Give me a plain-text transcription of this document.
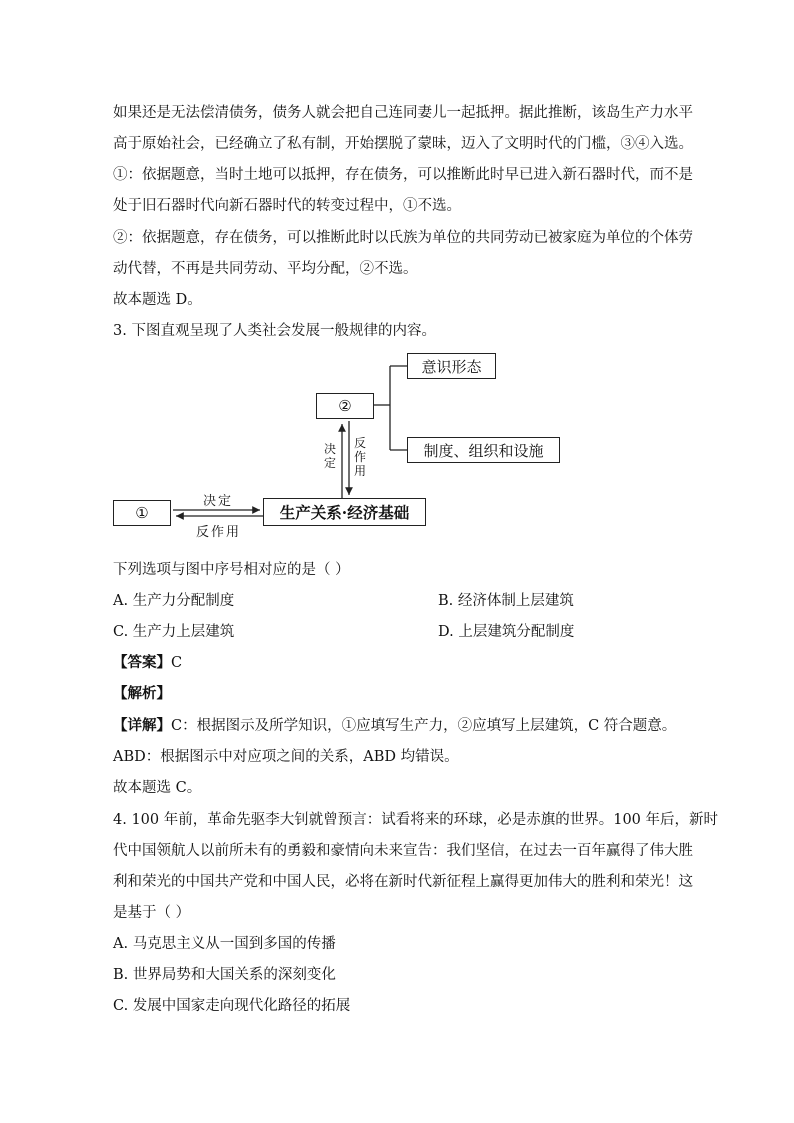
如果还是无法偿清债务，债务人就会把自己连同妻儿一起抵押。据此推断，该岛生产力水平
高于原始社会，已经确立了私有制，开始摆脱了蒙昧，迈入了文明时代的门槛，③④入选。
①：依据题意，当时土地可以抵押，存在债务，可以推断此时早已进入新石器时代，而不是
处于旧石器时代向新石器时代的转变过程中，①不选。
②：依据题意，存在债务，可以推断此时以氏族为单位的共同劳动已被家庭为单位的个体劳
动代替，不再是共同劳动、平均分配，②不选。
故本题选 D。
3. 下图直观呈现了人类社会发展一般规律的内容。
①	生产关系·经济基础
②
意识形态
制度、组织和设施
决定
反作用
决定
反作用
下列选项与图中序号相对应的是（ ）
A. 生产力分配制度	B. 经济体制上层建筑
C. 生产力上层建筑	D. 上层建筑分配制度
【答案】C
【解析】
【详解】C：根据图示及所学知识，①应填写生产力，②应填写上层建筑，C 符合题意。
ABD：根据图示中对应项之间的关系，ABD 均错误。
故本题选 C。
4. 100 年前，革命先驱李大钊就曾预言：试看将来的环球，必是赤旗的世界。100 年后，新时
代中国领航人以前所未有的勇毅和豪情向未来宣告：我们坚信，在过去一百年赢得了伟大胜
利和荣光的中国共产党和中国人民，必将在新时代新征程上赢得更加伟大的胜利和荣光！这
是基于（ ）
A. 马克思主义从一国到多国的传播
B. 世界局势和大国关系的深刻变化
C. 发展中国家走向现代化路径的拓展
